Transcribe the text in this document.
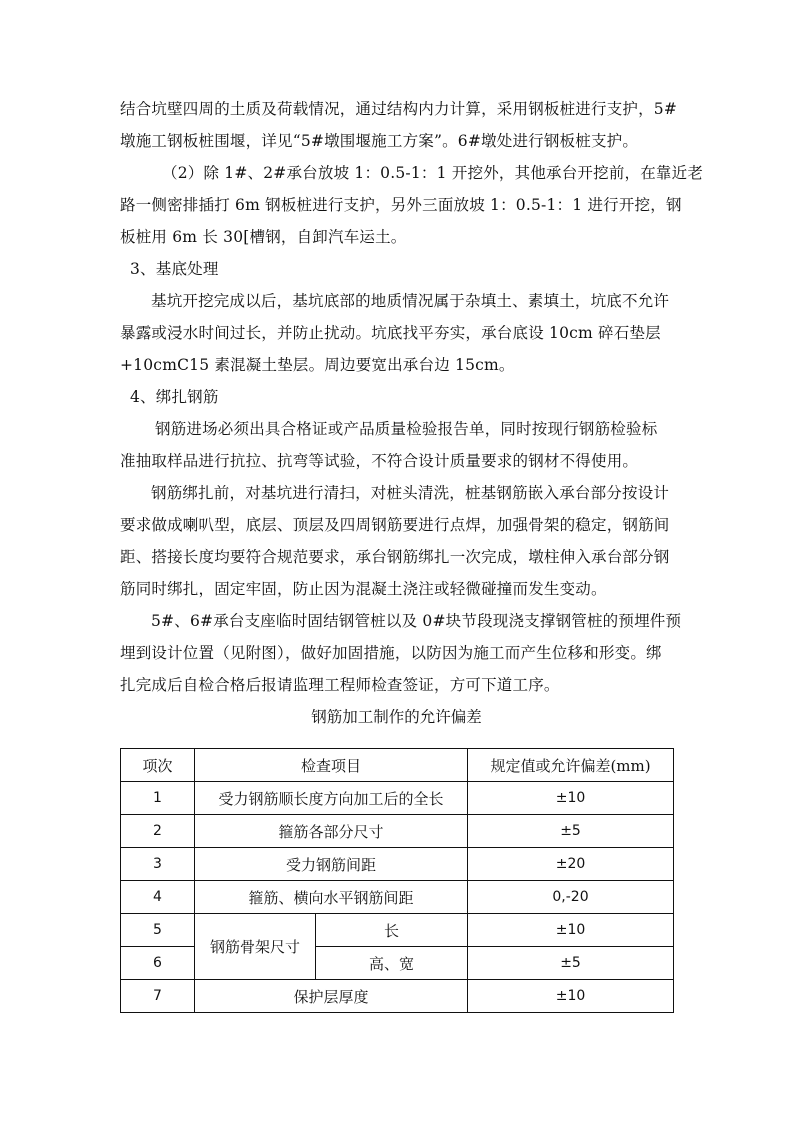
结合坑壁四周的土质及荷载情况，通过结构内力计算，采用钢板桩进行支护，5#
墩施工钢板桩围堰，详见“5#墩围堰施工方案”。6#墩处进行钢板桩支护。
（2）除 1#、2#承台放坡 1：0.5-1：1 开挖外，其他承台开挖前，在靠近老
路一侧密排插打 6m 钢板桩进行支护，另外三面放坡 1：0.5-1：1 进行开挖，钢
板桩用 6m 长 30[槽钢，自卸汽车运土。
3、基底处理
基坑开挖完成以后，基坑底部的地质情况属于杂填土、素填土，坑底不允许
暴露或浸水时间过长，并防止扰动。坑底找平夯实，承台底设 10cm 碎石垫层
+10cmC15 素混凝土垫层。周边要宽出承台边 15cm。
4、绑扎钢筋
钢筋进场必须出具合格证或产品质量检验报告单，同时按现行钢筋检验标
准抽取样品进行抗拉、抗弯等试验，不符合设计质量要求的钢材不得使用。
钢筋绑扎前，对基坑进行清扫，对桩头清洗，桩基钢筋嵌入承台部分按设计
要求做成喇叭型，底层、顶层及四周钢筋要进行点焊，加强骨架的稳定，钢筋间
距、搭接长度均要符合规范要求，承台钢筋绑扎一次完成，墩柱伸入承台部分钢
筋同时绑扎，固定牢固，防止因为混凝土浇注或轻微碰撞而发生变动。
5#、6#承台支座临时固结钢管桩以及 0#块节段现浇支撑钢管桩的预埋件预
埋到设计位置（见附图），做好加固措施，以防因为施工而产生位移和形变。绑
扎完成后自检合格后报请监理工程师检查签证，方可下道工序。
钢筋加工制作的允许偏差
项次	检查项目		规定值或允许偏差(mm)
1	受力钢筋顺长度方向加工后的全长		±10
2	箍筋各部分尺寸		±5
3	受力钢筋间距		±20
4	箍筋、横向水平钢筋间距		0,-20
5	钢筋骨架尺寸	长	±10
6		高、宽	±5
7	保护层厚度		±10
